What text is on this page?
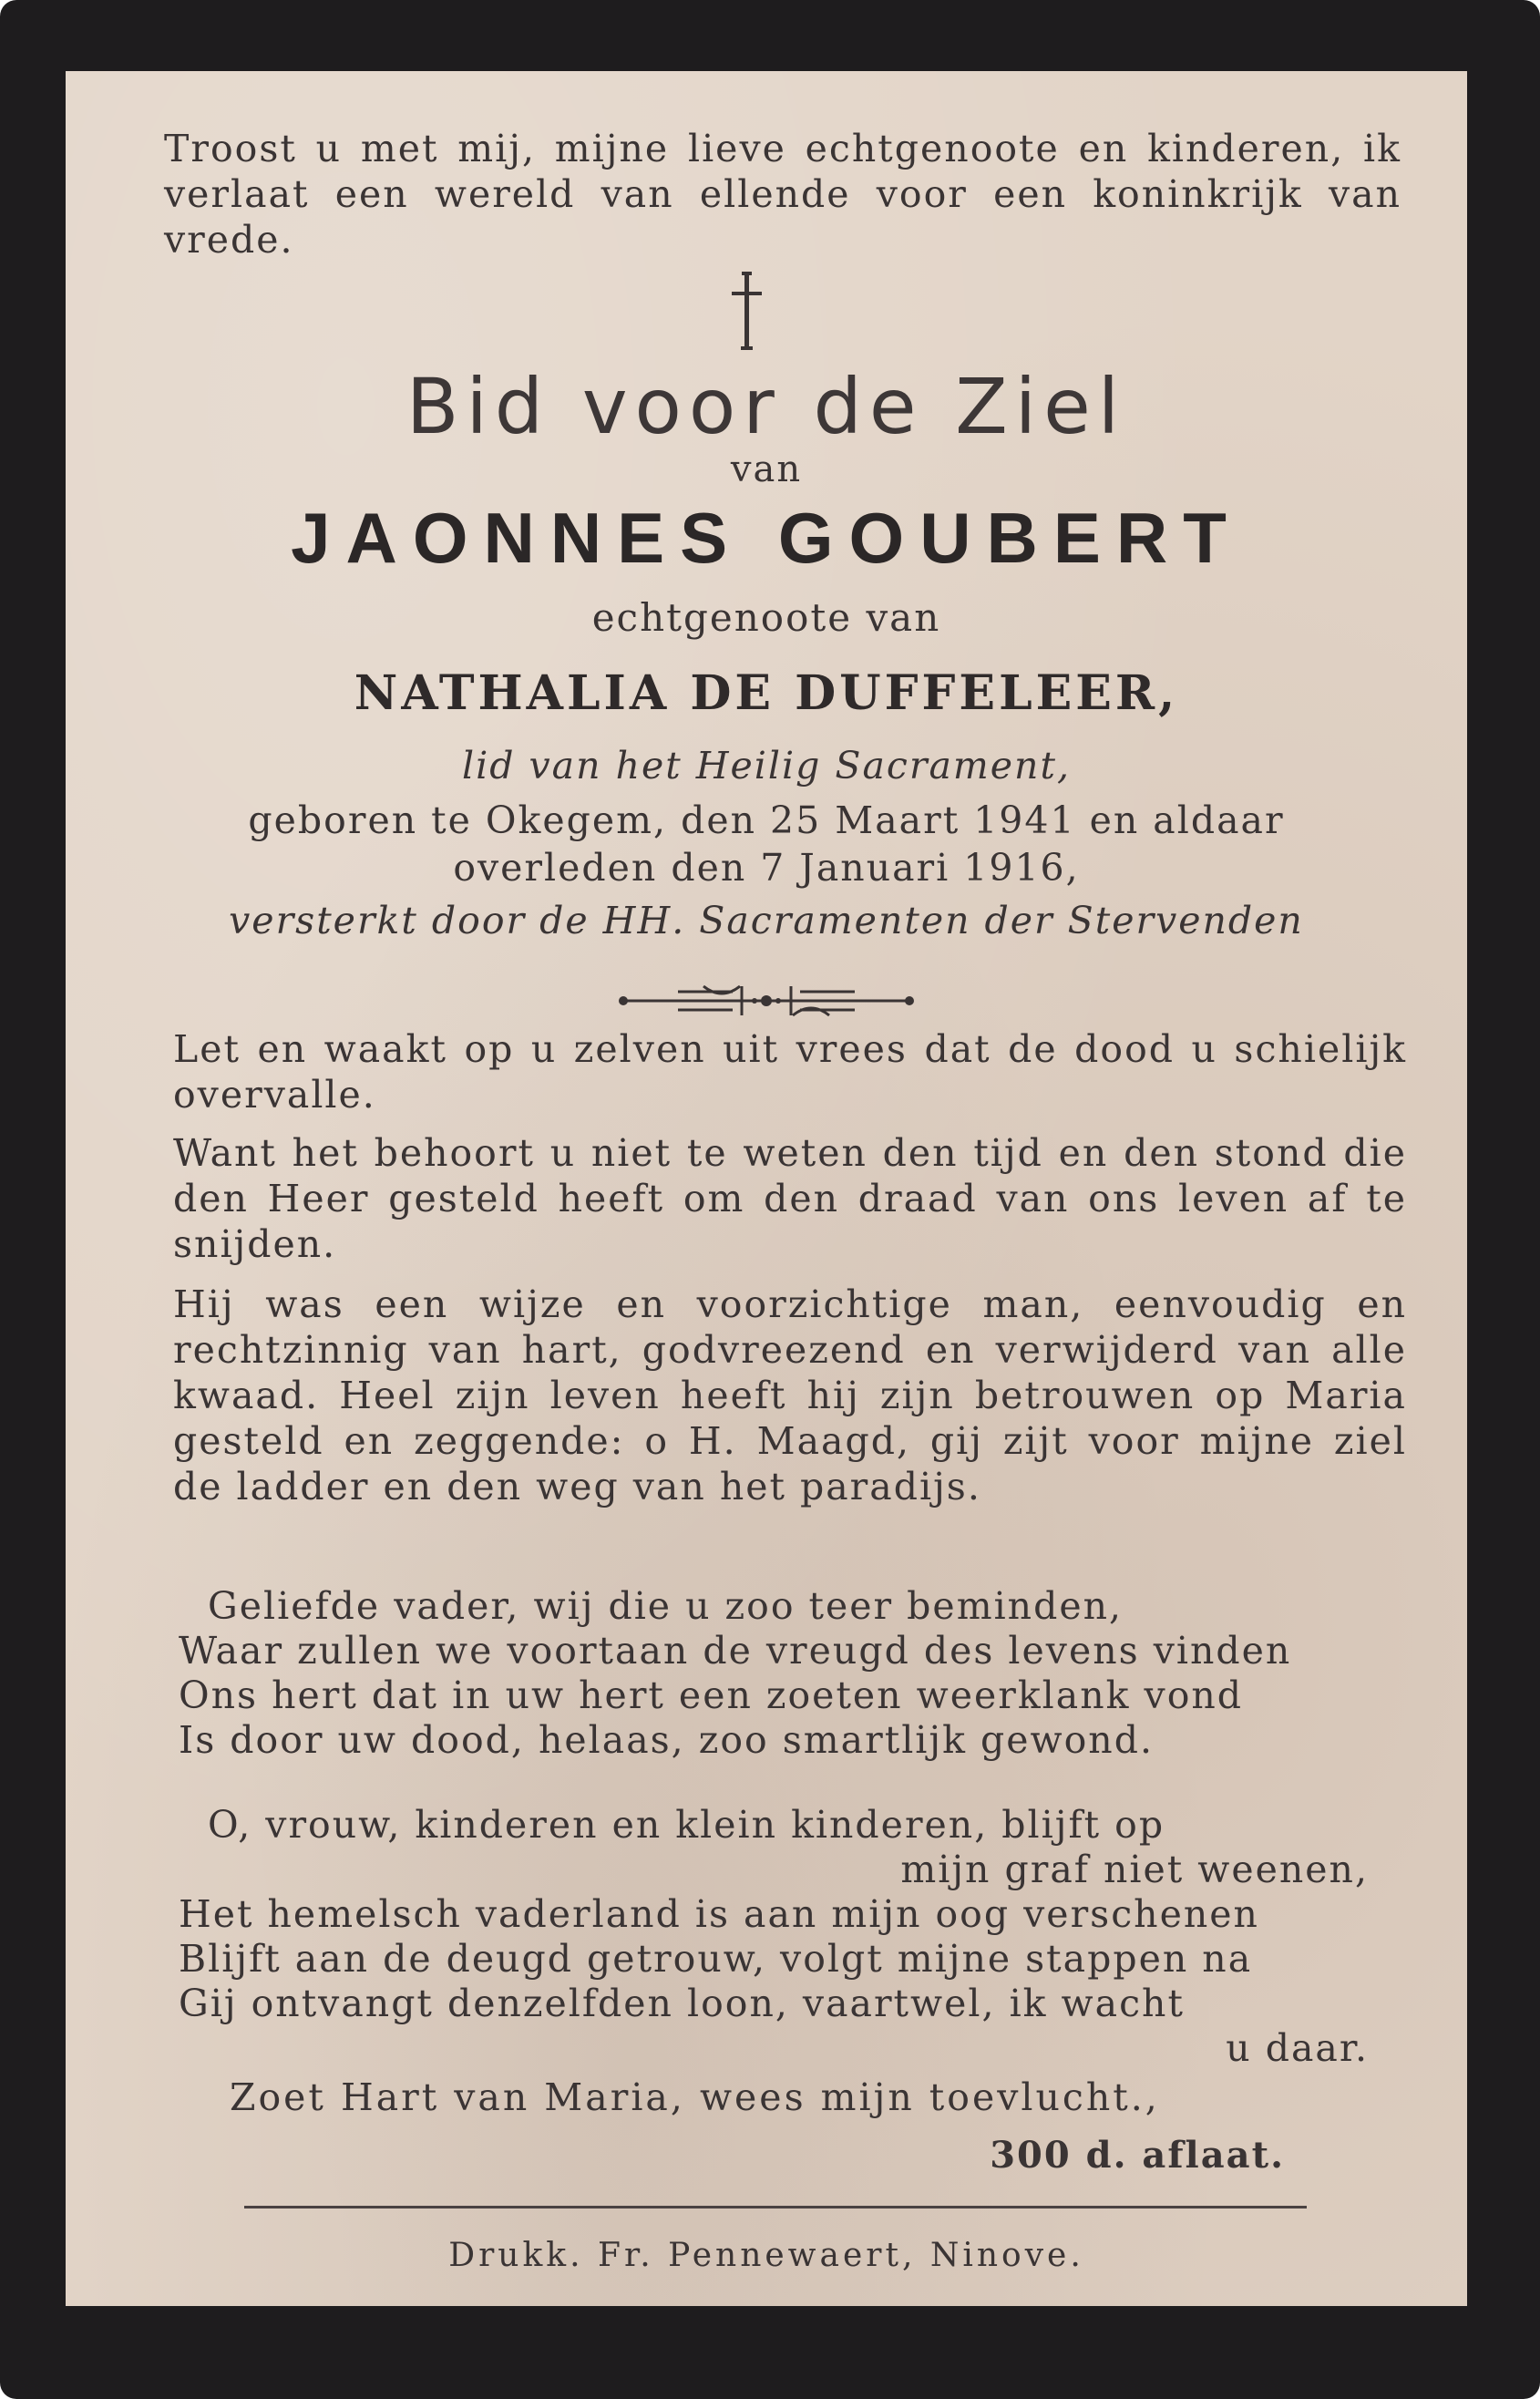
Troost u met mij, mijne lieve echtgenoote en kinderen, ik verlaat een wereld van ellende voor een koninkrijk van vrede.

Bid voor de Ziel
van
JAONNES GOUBERT
echtgenoote van
NATHALIA DE DUFFELEER,
lid van het Heilig Sacrament,
geboren te Okegem, den 25 Maart 1941 en aldaar
overleden den 7 Januari 1916,
versterkt door de HH. Sacramenten der Stervenden

Let en waakt op u zelven uit vrees dat de dood u schielijk overvalle.

Want het behoort u niet te weten den tijd en den stond die den Heer gesteld heeft om den draad van ons leven af te snijden.

Hij was een wijze en voorzichtige man, eenvoudig en rechtzinnig van hart, godvreezend en verwijderd van alle kwaad. Heel zijn leven heeft hij zijn betrouwen op Maria gesteld en zeggende: o H. Maagd, gij zijt voor mijne ziel de ladder en den weg van het paradijs.

Geliefde vader, wij die u zoo teer beminden,
Waar zullen we voortaan de vreugd des levens vinden
Ons hert dat in uw hert een zoeten weerklank vond
Is door uw dood, helaas, zoo smartlijk gewond.
O, vrouw, kinderen en klein kinderen, blijft op
mijn graf niet weenen,
Het hemelsch vaderland is aan mijn oog verschenen
Blijft aan de deugd getrouw, volgt mijne stappen na
Gij ontvangt denzelfden loon, vaartwel, ik wacht
u daar.

Zoet Hart van Maria, wees mijn toevlucht.,

300 d. aflaat.

Drukk. Fr. Pennewaert, Ninove.
